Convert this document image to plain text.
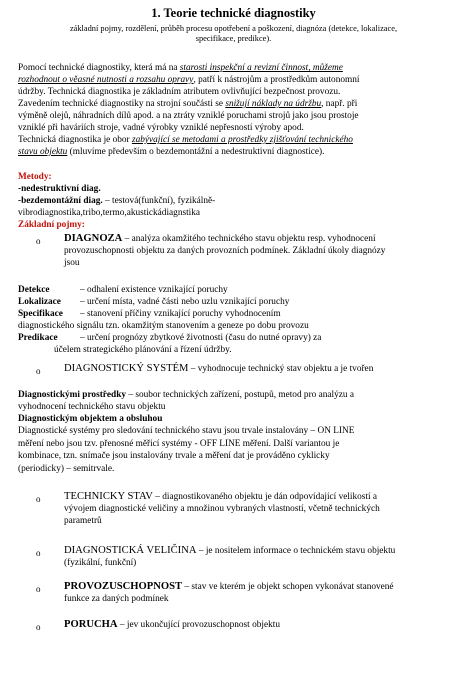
1. Teorie technické diagnostiky
základní pojmy, rozdělení, průběh procesu opotřebení a poškození, diagnóza (detekce, lokalizace,
specifikace, predikce).
Pomocí technické diagnostiky, která má na starosti inspekční a revizní činnost, můžeme
rozhodnout o věasné nutnosti a rozsahu opravy, patří k nástrojům a prostředkům autonomní
údržby. Technická diagnostika je základním atributem ovlivňující bezpečnost provozu.
Zavedením technické diagnostiky na strojní součásti se snižují náklady na údržbu, např. při
výměně olejů, náhradních dílů apod. a na ztráty vzniklé poruchami strojů jako jsou prostoje
vzniklé při haváriích stroje, vadné výrobky vzniklé nepřesností výroby apod.
Technická diagnostika je obor zabývající se metodami a prostředky zjišťování technického
stavu objektu (mluvíme především o bezdemontážní a nedestruktivní diagnostice).
Metody:
-nedestruktivní diag.
-bezdemontážní diag. – testová(funkční), fyzikálně-
vibrodiagnostika,tribo,termo,akustickádiagnstika
Základní pojmy:
o DIAGNOZA – analýza okamžitého technického stavu objektu resp. vyhodnocení
provozuschopnosti objektu za daných provozních podmínek. Základní úkoly diagnózy
jsou
Detekce	– odhalení existence vznikající poruchy
Lokalizace – určení místa, vadné části nebo uzlu vznikající poruchy
Specifikace – stanovení příčiny vznikající poruchy vyhodnocením
diagnostického signálu tzn. okamžitým stanovením a geneze po dobu provozu
Predikace – určení prognózy zbytkové životnosti (času do nutné opravy) za
účelem strategického plánování a řízení údržby.
o DIAGNOSTICKÝ SYSTÉM – vyhodnocuje technický stav objektu a je tvořen
Diagnostickými prostředky – soubor technických zařízení, postupů, metod pro analýzu a
vyhodnocení technického stavu objektu
Diagnostickým objektem a obsluhou
Diagnostické systémy pro sledování technického stavu jsou trvale instalovány – ON LINE
měření nebo jsou tzv. přenosné měřicí systémy - OFF LINE měření. Další variantou je
kombinace, tzn. snímače jsou instalovány trvale a měření dat je prováděno cyklicky
(periodicky) – semitrvale.
o TECHNICKY STAV – diagnostikovaného objektu je dán odpovídající velikostí a
vývojem diagnostické veličiny a množinou vybraných vlastností, včetně technických
parametrů
o DIAGNOSTICKÁ VELIČINA – je nositelem informace o technickém stavu objektu
(fyzikální, funkční)
o PROVOZUSCHOPNOST – stav ve kterém je objekt schopen vykonávat stanovené
funkce za daných podmínek
o PORUCHA – jev ukončující provozuschopnost objektu
